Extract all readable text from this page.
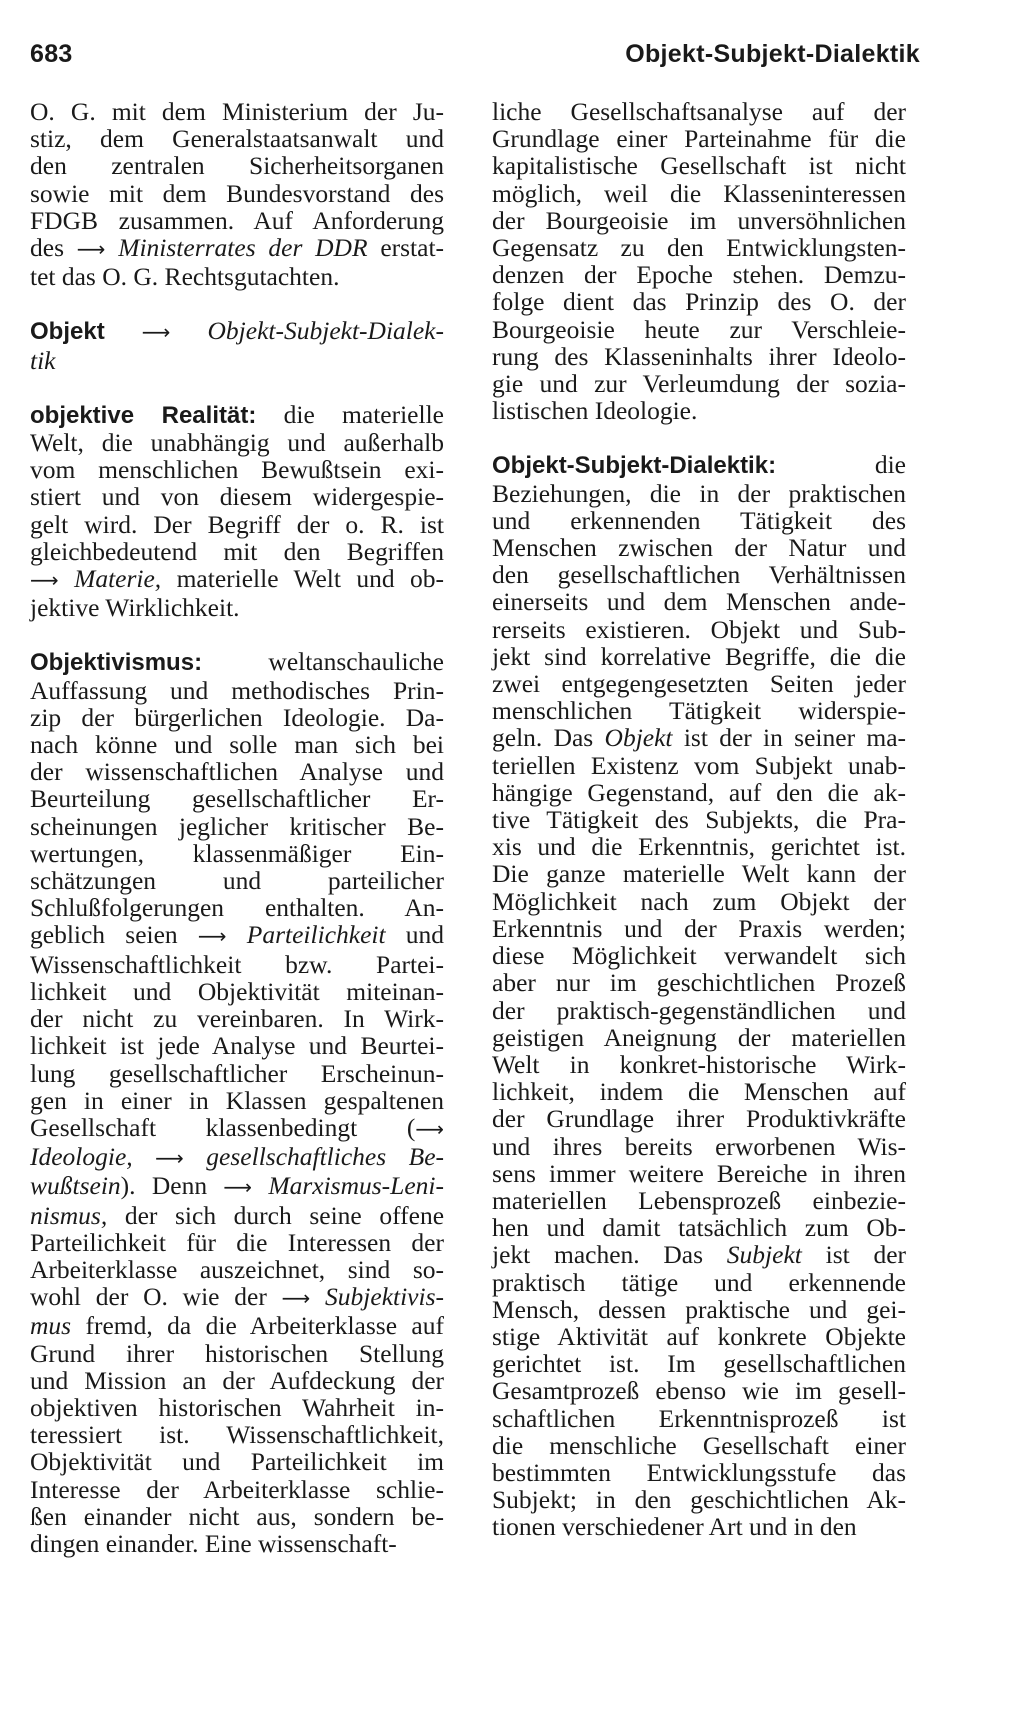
683	Objekt-Subjekt-Dialektik
O. G. mit dem Ministerium der Ju-
stiz, dem Generalstaatsanwalt und
den zentralen Sicherheitsorganen
sowie mit dem Bundesvorstand des
FDGB zusammen. Auf Anforderung
des ⟶ Ministerrates der DDR erstat-
tet das O. G. Rechtsgutachten.
Objekt ⟶ Objekt-Subjekt-Dialek-
tik
objektive Realität: die materielle
Welt, die unabhängig und außerhalb
vom menschlichen Bewußtsein exi-
stiert und von diesem widergespie-
gelt wird. Der Begriff der o. R. ist
gleichbedeutend mit den Begriffen
⟶ Materie, materielle Welt und ob-
jektive Wirklichkeit.
Objektivismus:	weltanschauliche
Auffassung und methodisches Prin-
zip der bürgerlichen Ideologie. Da-
nach könne und solle man sich bei
der wissenschaftlichen Analyse und
Beurteilung gesellschaftlicher Er-
scheinungen jeglicher kritischer Be-
wertungen, klassenmäßiger Ein-
schätzungen und parteilicher
Schlußfolgerungen enthalten. An-
geblich seien ⟶ Parteilichkeit und
Wissenschaftlichkeit bzw. Partei-
lichkeit und Objektivität miteinan-
der nicht zu vereinbaren. In Wirk-
lichkeit ist jede Analyse und Beurtei-
lung gesellschaftlicher Erscheinun-
gen in einer in Klassen gespaltenen
Gesellschaft klassenbedingt (⟶
Ideologie, ⟶ gesellschaftliches Be-
wußtsein). Denn ⟶ Marxismus-Leni-
nismus, der sich durch seine offene
Parteilichkeit für die Interessen der
Arbeiterklasse auszeichnet, sind so-
wohl der O. wie der ⟶ Subjektivis-
mus fremd, da die Arbeiterklasse auf
Grund ihrer historischen Stellung
und Mission an der Aufdeckung der
objektiven historischen Wahrheit in-
teressiert ist. Wissenschaftlichkeit,
Objektivität und Parteilichkeit im
Interesse der Arbeiterklasse schlie-
ßen einander nicht aus, sondern be-
dingen einander. Eine wissenschaft-
liche Gesellschaftsanalyse auf der
Grundlage einer Parteinahme für die
kapitalistische Gesellschaft ist nicht
möglich, weil die Klasseninteressen
der Bourgeoisie im unversöhnlichen
Gegensatz zu den Entwicklungsten-
denzen der Epoche stehen. Demzu-
folge dient das Prinzip des O. der
Bourgeoisie heute zur Verschleie-
rung des Klasseninhalts ihrer Ideolo-
gie und zur Verleumdung der sozia-
listischen Ideologie.
Objekt-Subjekt-Dialektik:	die
Beziehungen, die in der praktischen
und erkennenden Tätigkeit des
Menschen zwischen der Natur und
den gesellschaftlichen Verhältnissen
einerseits und dem Menschen ande-
rerseits existieren. Objekt und Sub-
jekt sind korrelative Begriffe, die die
zwei entgegengesetzten Seiten jeder
menschlichen Tätigkeit widerspie-
geln. Das Objekt ist der in seiner ma-
teriellen Existenz vom Subjekt unab-
hängige Gegenstand, auf den die ak-
tive Tätigkeit des Subjekts, die Pra-
xis und die Erkenntnis, gerichtet ist.
Die ganze materielle Welt kann der
Möglichkeit nach zum Objekt der
Erkenntnis und der Praxis werden;
diese Möglichkeit verwandelt sich
aber nur im geschichtlichen Prozeß
der praktisch-gegenständlichen und
geistigen Aneignung der materiellen
Welt in konkret-historische Wirk-
lichkeit, indem die Menschen auf
der Grundlage ihrer Produktivkräfte
und ihres bereits erworbenen Wis-
sens immer weitere Bereiche in ihren
materiellen Lebensprozeß einbezie-
hen und damit tatsächlich zum Ob-
jekt machen. Das Subjekt ist der
praktisch tätige und erkennende
Mensch, dessen praktische und gei-
stige Aktivität auf konkrete Objekte
gerichtet ist. Im gesellschaftlichen
Gesamtprozeß ebenso wie im gesell-
schaftlichen Erkenntnisprozeß ist
die menschliche Gesellschaft einer
bestimmten Entwicklungsstufe das
Subjekt; in den geschichtlichen Ak-
tionen verschiedener Art und in den
